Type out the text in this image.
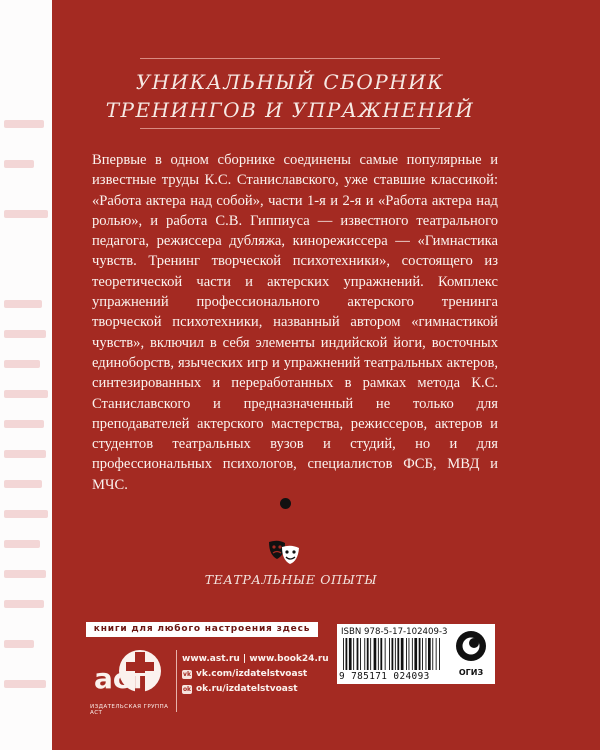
УНИКАЛЬНЫЙ СБОРНИК
ТРЕНИНГОВ И УПРАЖНЕНИЙ
Впервые в одном сборнике соединены самые популярные и известные труды К.С. Станиславского, уже ставшие классикой: «Работа актера над собой», части 1-я и 2-я и «Работа актера над ролью», и работа С.В. Гиппиуса — известного театрального педагога, режиссера дубляжа, кинорежиссера — «Гимнастика чувств. Тренинг творческой психотехники», состоящего из теоретической части и актерских упражнений. Комплекс упражнений профессионального актерского тренинга творческой психотехники, названный автором «гимнастикой чувств», включил в себя элементы индийской йоги, восточных единоборств, языческих игр и упражнений театральных актеров, синтезированных и переработанных в рамках метода К.С. Станиславского и предназначенный не только для преподавателей актерского мастерства, режиссеров, актеров и студентов театральных вузов и студий, но и для профессиональных психологов, специалистов ФСБ, МВД и МЧС.
ТЕАТРАЛЬНЫЕ ОПЫТЫ
книги для любого настроения здесь
аст
ИЗДАТЕЛЬСКАЯ ГРУППА АСТ
www.ast.ru | www.book24.ru
vk vk.com/izdatelstvoast
ok ok.ru/izdatelstvoast
ISBN 978-5-17-102409-3
9 785171 024093	ОГИЗ
